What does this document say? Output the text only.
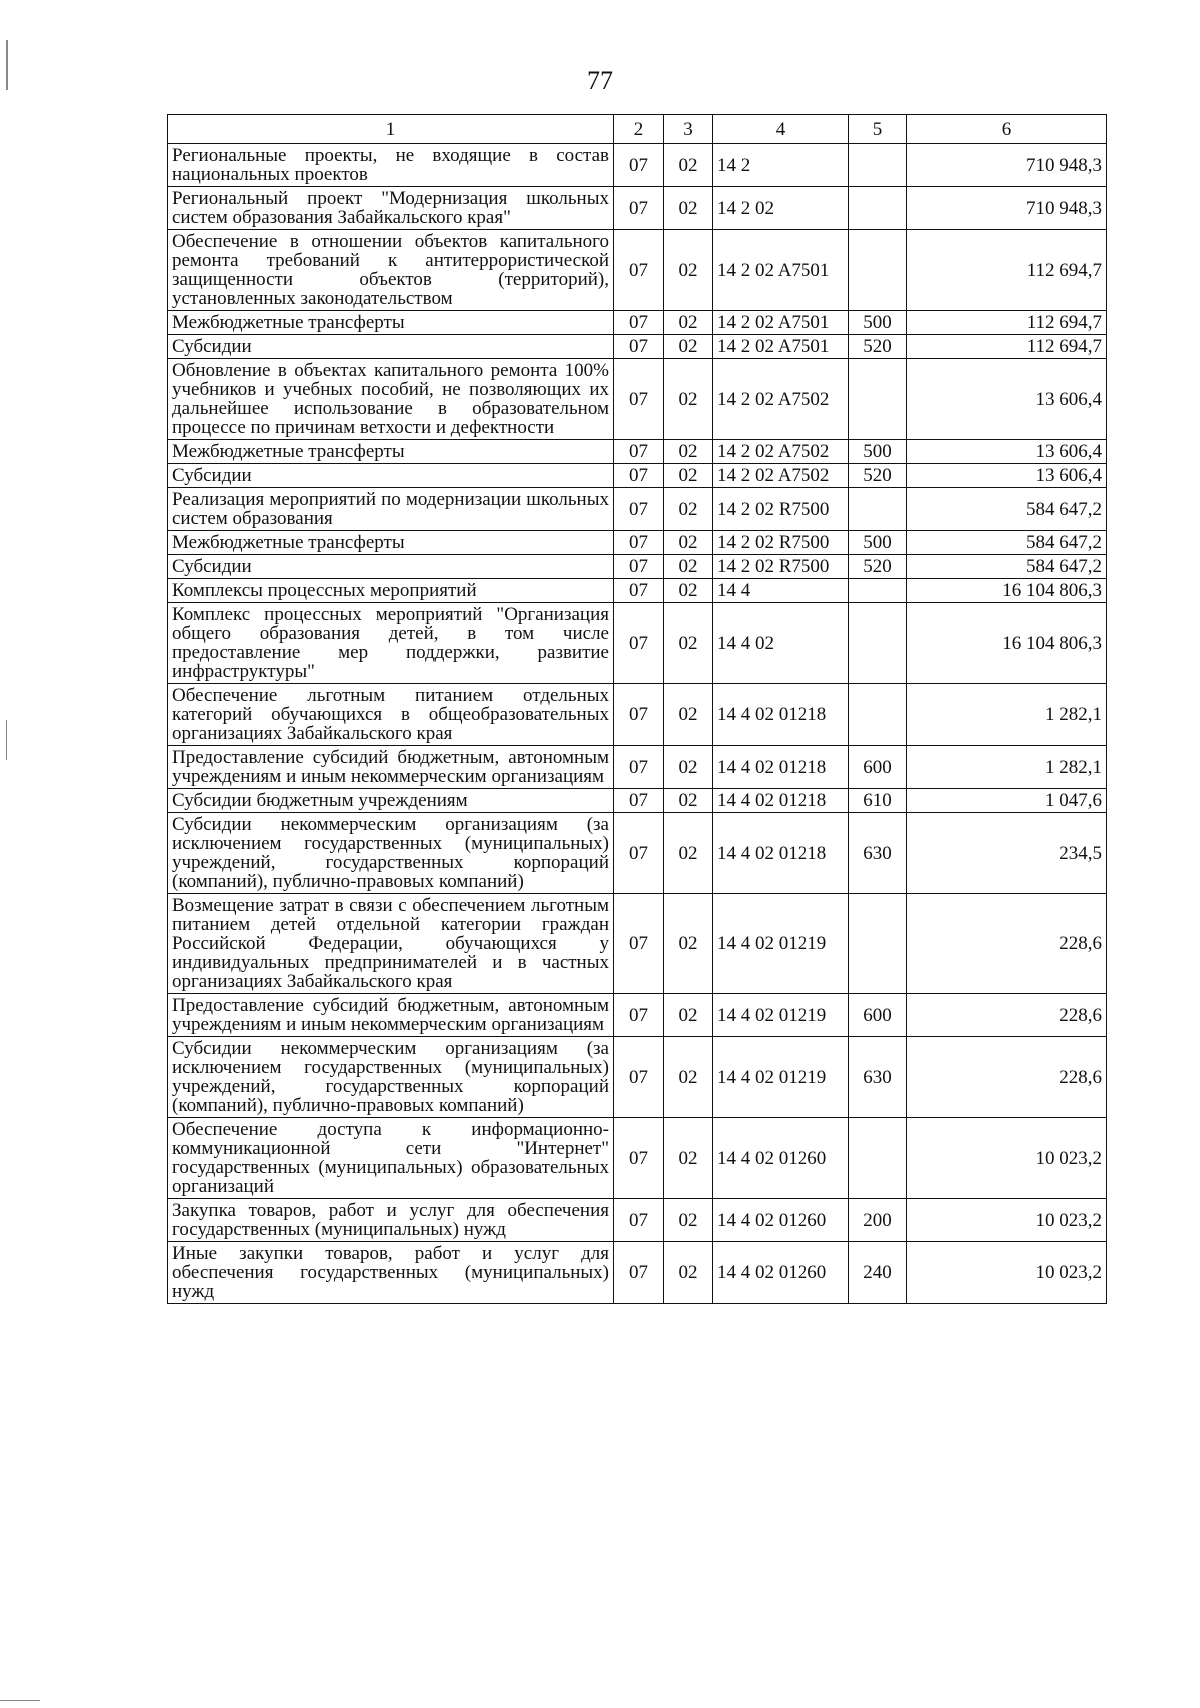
77
1	2	3	4	5	6
Региональные проекты, не входящие в состав национальных проектов	07	02	14 2		710 948,3
Региональный проект "Модернизация школьных систем образования Забайкальского края"	07	02	14 2 02		710 948,3
Обеспечение в отношении объектов капитального ремонта требований к антитеррористической защищенности объектов (территорий), установленных законодательством	07	02	14 2 02 A7501		112 694,7
Межбюджетные трансферты	07	02	14 2 02 A7501	500	112 694,7
Субсидии	07	02	14 2 02 A7501	520	112 694,7
Обновление в объектах капитального ремонта 100% учебников и учебных пособий, не позволяющих их дальнейшее использование в образовательном процессе по причинам ветхости и дефектности	07	02	14 2 02 A7502		13 606,4
Межбюджетные трансферты	07	02	14 2 02 A7502	500	13 606,4
Субсидии	07	02	14 2 02 A7502	520	13 606,4
Реализация мероприятий по модернизации школьных систем образования	07	02	14 2 02 R7500		584 647,2
Межбюджетные трансферты	07	02	14 2 02 R7500	500	584 647,2
Субсидии	07	02	14 2 02 R7500	520	584 647,2
Комплексы процессных мероприятий	07	02	14 4		16 104 806,3
Комплекс процессных мероприятий "Организация общего образования детей, в том числе предоставление мер поддержки, развитие инфраструктуры"	07	02	14 4 02		16 104 806,3
Обеспечение льготным питанием отдельных категорий обучающихся в общеобразовательных организациях Забайкальского края	07	02	14 4 02 01218		1 282,1
Предоставление субсидий бюджетным, автономным учреждениям и иным некоммерческим организациям	07	02	14 4 02 01218	600	1 282,1
Субсидии бюджетным учреждениям	07	02	14 4 02 01218	610	1 047,6
Субсидии некоммерческим организациям (за исключением государственных (муниципальных) учреждений, государственных корпораций (компаний), публично-правовых компаний)	07	02	14 4 02 01218	630	234,5
Возмещение затрат в связи с обеспечением льготным питанием детей отдельной категории граждан Российской Федерации, обучающихся у индивидуальных предпринимателей и в частных организациях Забайкальского края	07	02	14 4 02 01219		228,6
Предоставление субсидий бюджетным, автономным учреждениям и иным некоммерческим организациям	07	02	14 4 02 01219	600	228,6
Субсидии некоммерческим организациям (за исключением государственных (муниципальных) учреждений, государственных корпораций (компаний), публично-правовых компаний)	07	02	14 4 02 01219	630	228,6
Обеспечение доступа к информационно-коммуникационной сети "Интернет" государственных (муниципальных) образовательных организаций	07	02	14 4 02 01260		10 023,2
Закупка товаров, работ и услуг для обеспечения государственных (муниципальных) нужд	07	02	14 4 02 01260	200	10 023,2
Иные закупки товаров, работ и услуг для обеспечения государственных (муниципальных) нужд	07	02	14 4 02 01260	240	10 023,2
